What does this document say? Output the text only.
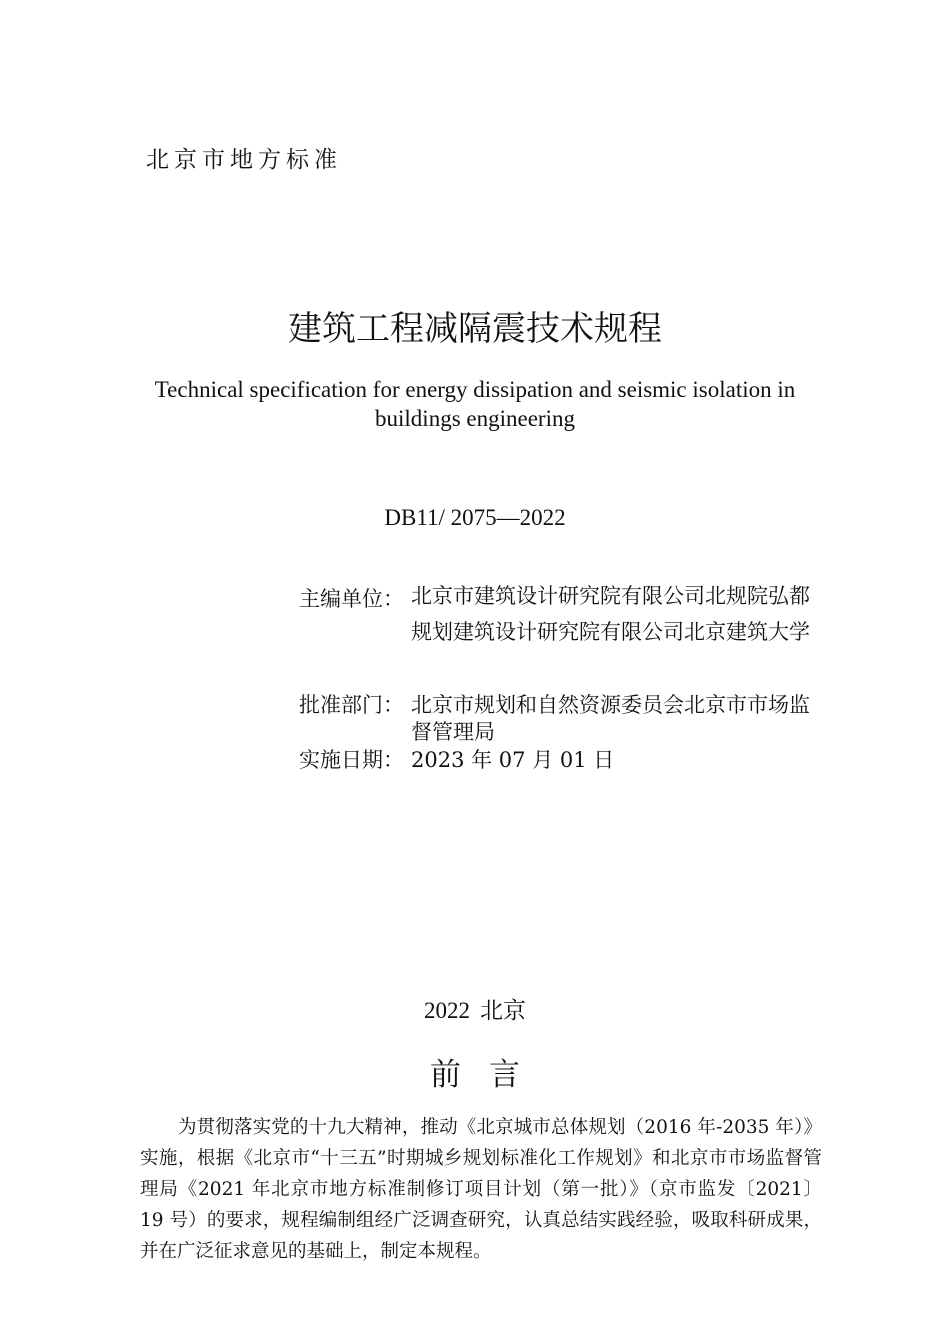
北京市地方标准
建筑工程减隔震技术规程
Technical specification for energy dissipation and seismic isolation in buildings engineering
DB11/ 2075—2022
主编单位： 北京市建筑设计研究院有限公司北规院弘都规划建筑设计研究院有限公司北京建筑大学
批准部门： 北京市规划和自然资源委员会北京市市场监督管理局
实施日期： 2023 年 07 月 01 日
2022 北京
前言

为贯彻落实党的十九大精神，推动《北京城市总体规划（2016 年-2035 年）》实施，根据《北京市“十三五”时期城乡规划标准化工作规划》和北京市市场监督管理局《2021 年北京市地方标准制修订项目计划（第一批）》（京市监发〔2021〕 19 号）的要求，规程编制组经广泛调查研究，认真总结实践经验，吸取科研成果，并在广泛征求意见的基础上，制定本规程。
